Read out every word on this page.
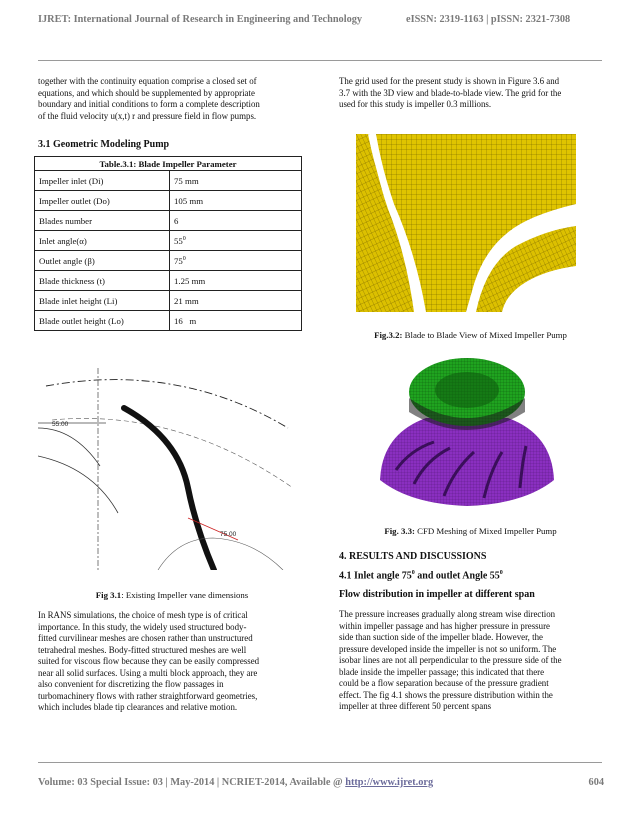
IJRET: International Journal of Research in Engineering and Technology	eISSN: 2319-1163 | pISSN: 2321-7308
together with the continuity equation comprise a closed set of
equations, and which should be supplemented by appropriate
boundary and initial conditions to form a complete description
of the fluid velocity u(x,t) r and pressure field in flow pumps.
3.1 Geometric Modeling Pump
Table.3.1: Blade Impeller Parameter	
Impeller inlet (Di)	75 mm
Impeller outlet (Do)	105 mm
Blades number	6
Inlet angle(α)	$55^0$
Outlet angle (β)	$75^0$
Blade thickness (t)	1.25 mm
Blade inlet height (Li)	21 mm
Blade outlet height (Lo)	16   m
55.00
75.00
Fig 3.1: Existing Impeller vane dimensions
In RANS simulations, the choice of mesh type is of critical
importance. In this study, the widely used structured body-
fitted curvilinear meshes are chosen rather than unstructured
tetrahedral meshes. Body-fitted structured meshes are well
suited for viscous flow because they can be easily compressed
near all solid surfaces. Using a multi block approach, they are
also convenient for discretizing the flow passages in
turbomachinery flows with rather straightforward geometries,
which includes blade tip clearances and relative motion.
The grid used for the present study is shown in Figure 3.6 and
3.7 with the 3D view and blade-to-blade view. The grid for the
used for this study is impeller 0.3 millions.
Fig.3.2: Blade to Blade View of Mixed Impeller Pump
Fig. 3.3: CFD Meshing of Mixed Impeller Pump
4. RESULTS AND DISCUSSIONS
4.1 Inlet angle $75^0$ and outlet Angle $55^0$
Flow distribution in impeller at different span
The pressure increases gradually along stream wise direction
within impeller passage and has higher pressure in pressure
side than suction side of the impeller blade. However, the
pressure developed inside the impeller is not so uniform. The
isobar lines are not all perpendicular to the pressure side of the
blade inside the impeller passage; this indicated that there
could be a flow separation because of the pressure gradient
effect. The fig 4.1 shows the pressure distribution within the
impeller at three different 50 percent spans
Volume: 03 Special Issue: 03 | May-2014 | NCRIET-2014, Available @ http://www.ijret.org	604
